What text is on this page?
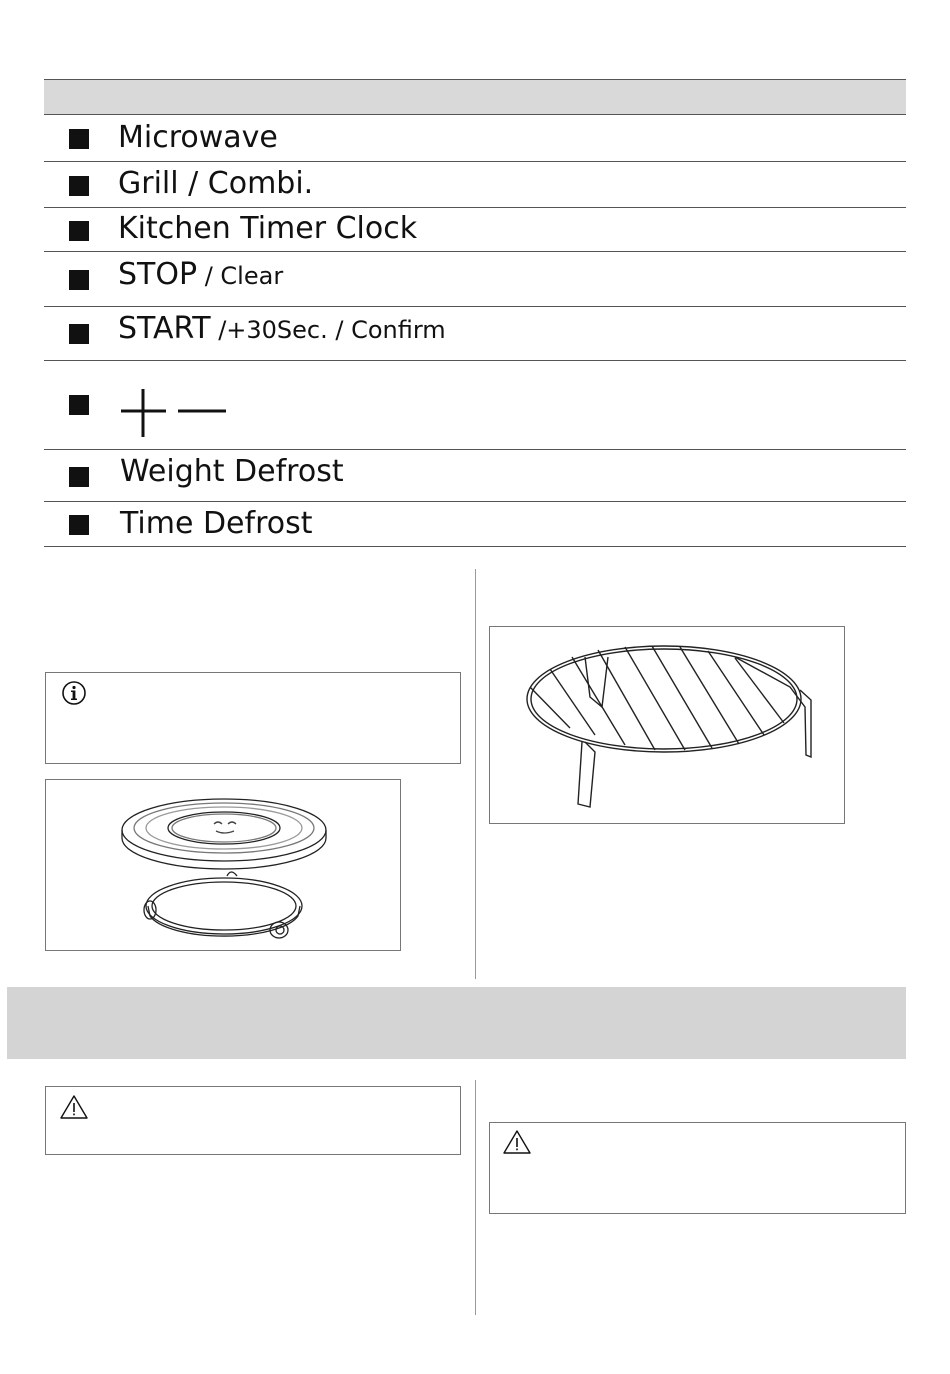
Microwave
Grill / Combi.
Kitchen Timer Clock
STOP / Clear
START /+30Sec. / Confirm
Weight Defrost
Time Defrost
